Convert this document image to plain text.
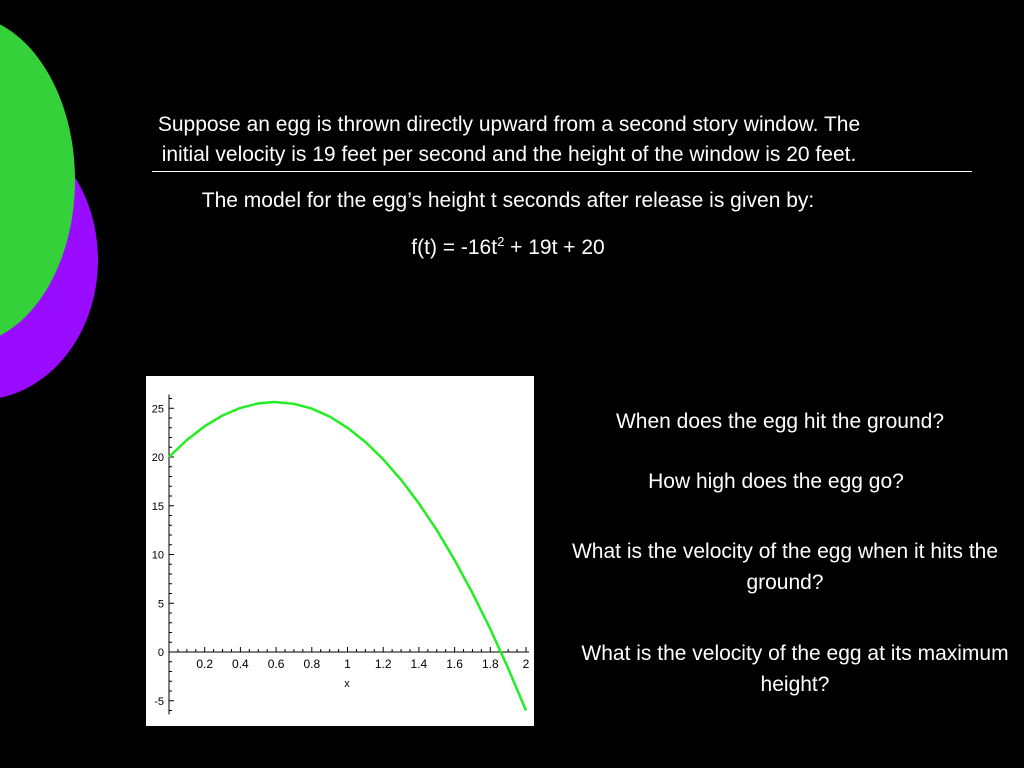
Suppose an egg is thrown directly upward from a second story window. The
initial velocity is 19 feet per second and the height of the window is 20 feet.
The model for the egg’s height t seconds after release is given by:
$f(t) = -16t^2 + 19t + 20$
25
20
15
10
5
0
-5
0.2 0.4 0.6 0.8 1 1.2 1.4 1.6 1.8 2
x
When does the egg hit the ground?
How high does the egg go?
What is the velocity of the egg when it hits the ground?
What is the velocity of the egg at its maximum height?
